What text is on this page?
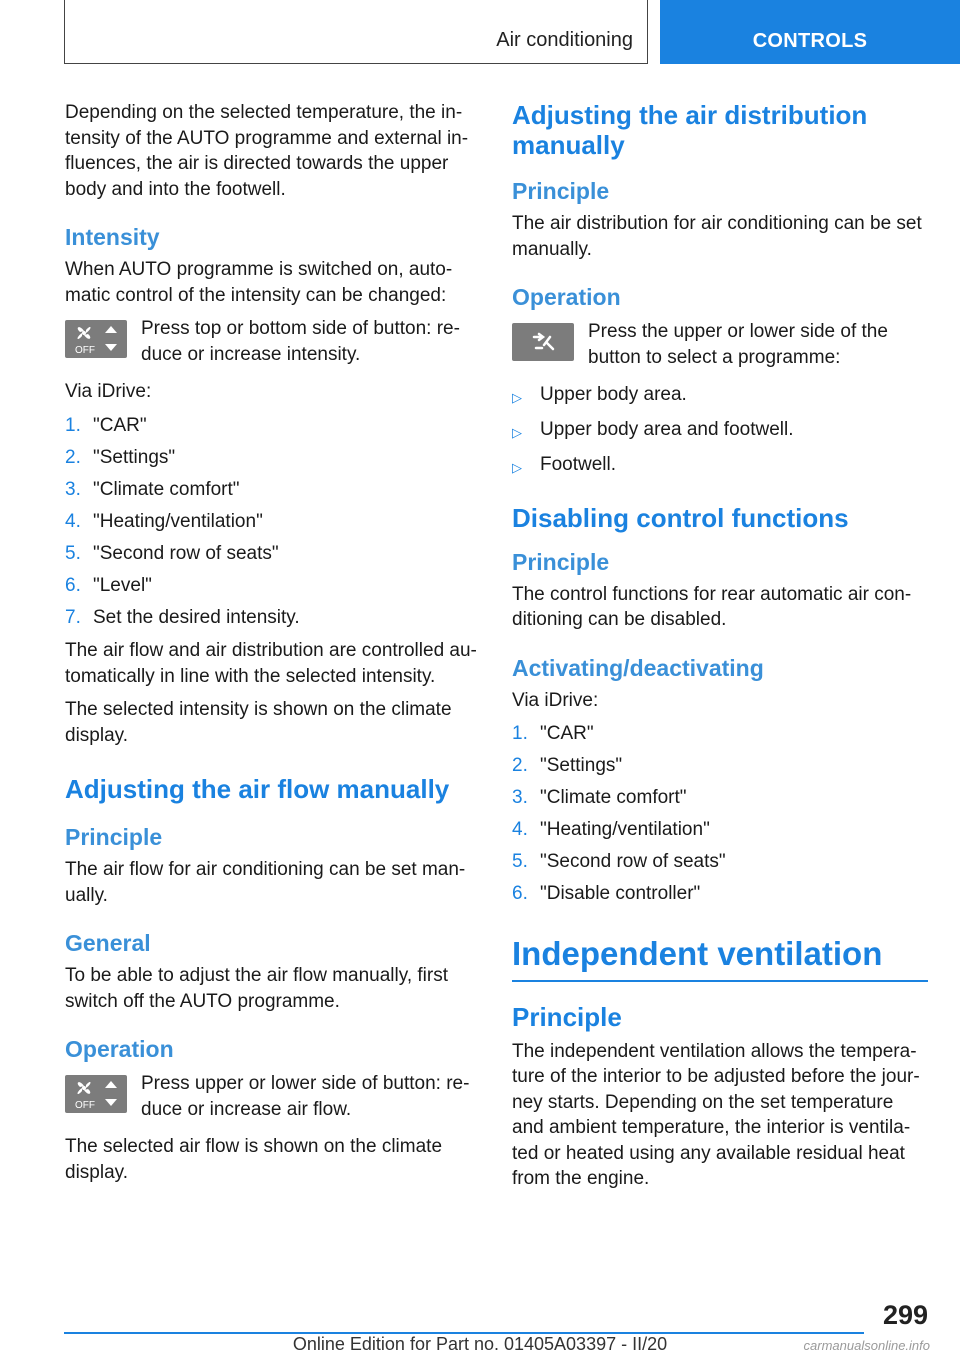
Air conditioning	CONTROLS

Depending on the selected temperature, the in-tensity of the AUTO programme and external in-fluences, the air is directed towards the upper body and into the footwell.

Intensity

When AUTO programme is switched on, auto-matic control of the intensity can be changed:

OFF

Press top or bottom side of button: re-duce or increase intensity.

Via iDrive:

1. "CAR"
2. "Settings"
3. "Climate comfort"
4. "Heating/ventilation"
5. "Second row of seats"
6. "Level"
7. Set the desired intensity.

The air flow and air distribution are controlled au-tomatically in line with the selected intensity.

The selected intensity is shown on the climate display.

Adjusting the air flow manually
Principle

The air flow for air conditioning can be set man-ually.

General

To be able to adjust the air flow manually, first switch off the AUTO programme.

Operation
OFF

Press upper or lower side of button: re-duce or increase air flow.

The selected air flow is shown on the climate display.

Adjusting the air distribution manually
Principle

The air distribution for air conditioning can be set manually.

Operation

Press the upper or lower side of the button to select a programme:

▷ Upper body area.
▷ Upper body area and footwell.
▷ Footwell.
Disabling control functions
Principle

The control functions for rear automatic air con-ditioning can be disabled.

Activating/deactivating

Via iDrive:

1. "CAR"
2. "Settings"
3. "Climate comfort"
4. "Heating/ventilation"
5. "Second row of seats"
6. "Disable controller"
Independent ventilation
Principle

The independent ventilation allows the tempera-ture of the interior to be adjusted before the jour-ney starts. Depending on the set temperature and ambient temperature, the interior is ventila-ted or heated using any available residual heat from the engine.

299
Online Edition for Part no. 01405A03397 - II/20	carmanualsonline.info
